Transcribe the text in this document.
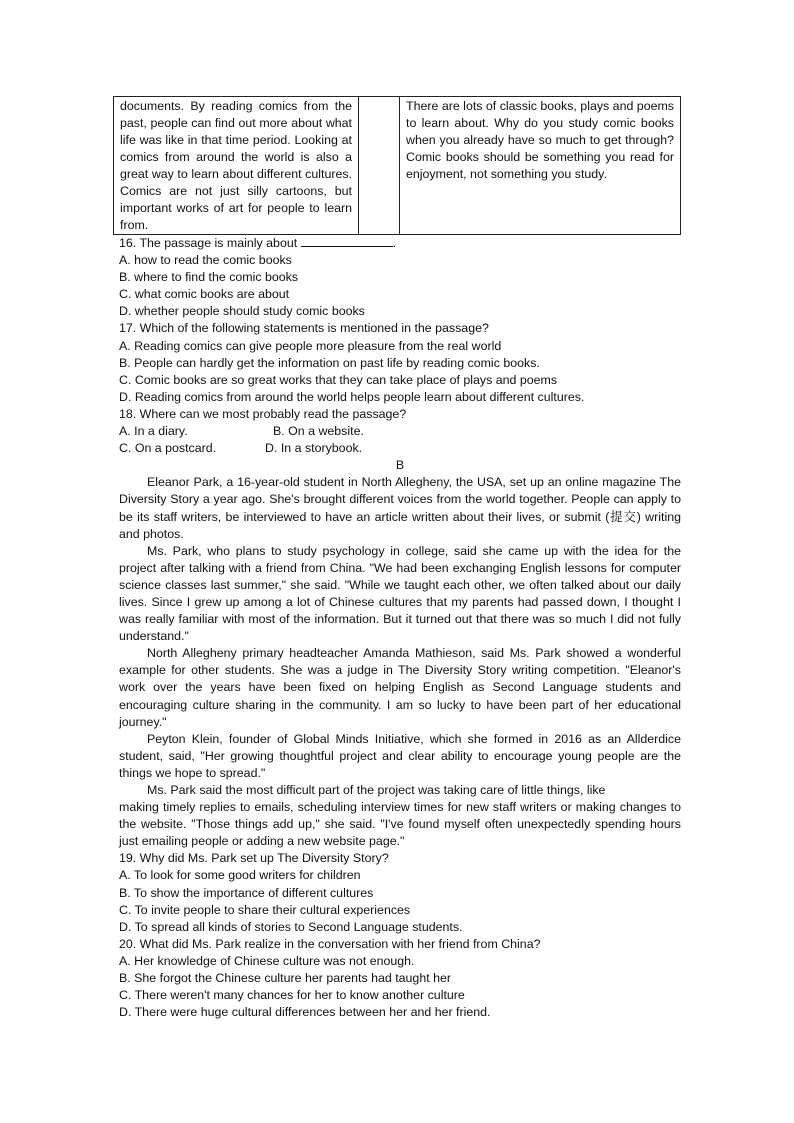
documents. By reading comics from the past, people can find out more about what life was like in that time period. Looking at comics from around the world is also a great way to learn about different cultures. Comics are not just silly cartoons, but important works of art for people to learn from.		There are lots of classic books, plays and poems to learn about. Why do you study comic books when you already have so much to get through? Comic books should be something you read for enjoyment, not something you study.
16. The passage is mainly about	.
A. how to read the comic books
B. where to find the comic books
C. what comic books are about
D. whether people should study comic books
17. Which of the following statements is mentioned in the passage?
A. Reading comics can give people more pleasure from the real world
B. People can hardly get the information on past life by reading comic books.
C. Comic books are so great works that they can take place of plays and poems
D. Reading comics from around the world helps people learn about different cultures.
18. Where can we most probably read the passage?
A. In a diary.	B. On a website.
C. On a postcard.	D. In a storybook.
B
Eleanor Park, a 16-year-old student in North Allegheny, the USA, set up an online magazine The Diversity Story a year ago. She's brought different voices from the world together. People can apply to be its staff writers, be interviewed to have an article written about their lives, or submit (提交) writing and photos.
Ms. Park, who plans to study psychology in college, said she came up with the idea for the project after talking with a friend from China. "We had been exchanging English lessons for computer science classes last summer," she said. "While we taught each other, we often talked about our daily lives. Since I grew up among a lot of Chinese cultures that my parents had passed down, I thought I was really familiar with most of the information. But it turned out that there was so much I did not fully understand."
North Allegheny primary headteacher Amanda Mathieson, said Ms. Park showed a wonderful example for other students. She was a judge in The Diversity Story writing competition. "Eleanor's work over the years have been fixed on helping English as Second Language students and encouraging culture sharing in the community. I am so lucky to have been part of her educational journey."
Peyton Klein, founder of Global Minds Initiative, which she formed in 2016 as an Allderdice student, said, "Her growing thoughtful project and clear ability to encourage young people are the things we hope to spread."
Ms. Park said the most difficult part of the project was taking care of little things, like
making timely replies to emails, scheduling interview times for new staff writers or making changes to the website. "Those things add up," she said. "I've found myself often unexpectedly spending hours just emailing people or adding a new website page."
19. Why did Ms. Park set up The Diversity Story?
A. To look for some good writers for children
B. To show the importance of different cultures
C. To invite people to share their cultural experiences
D. To spread all kinds of stories to Second Language students.
20. What did Ms. Park realize in the conversation with her friend from China?
A. Her knowledge of Chinese culture was not enough.
B. She forgot the Chinese culture her parents had taught her
C. There weren't many chances for her to know another culture
D. There were huge cultural differences between her and her friend.
